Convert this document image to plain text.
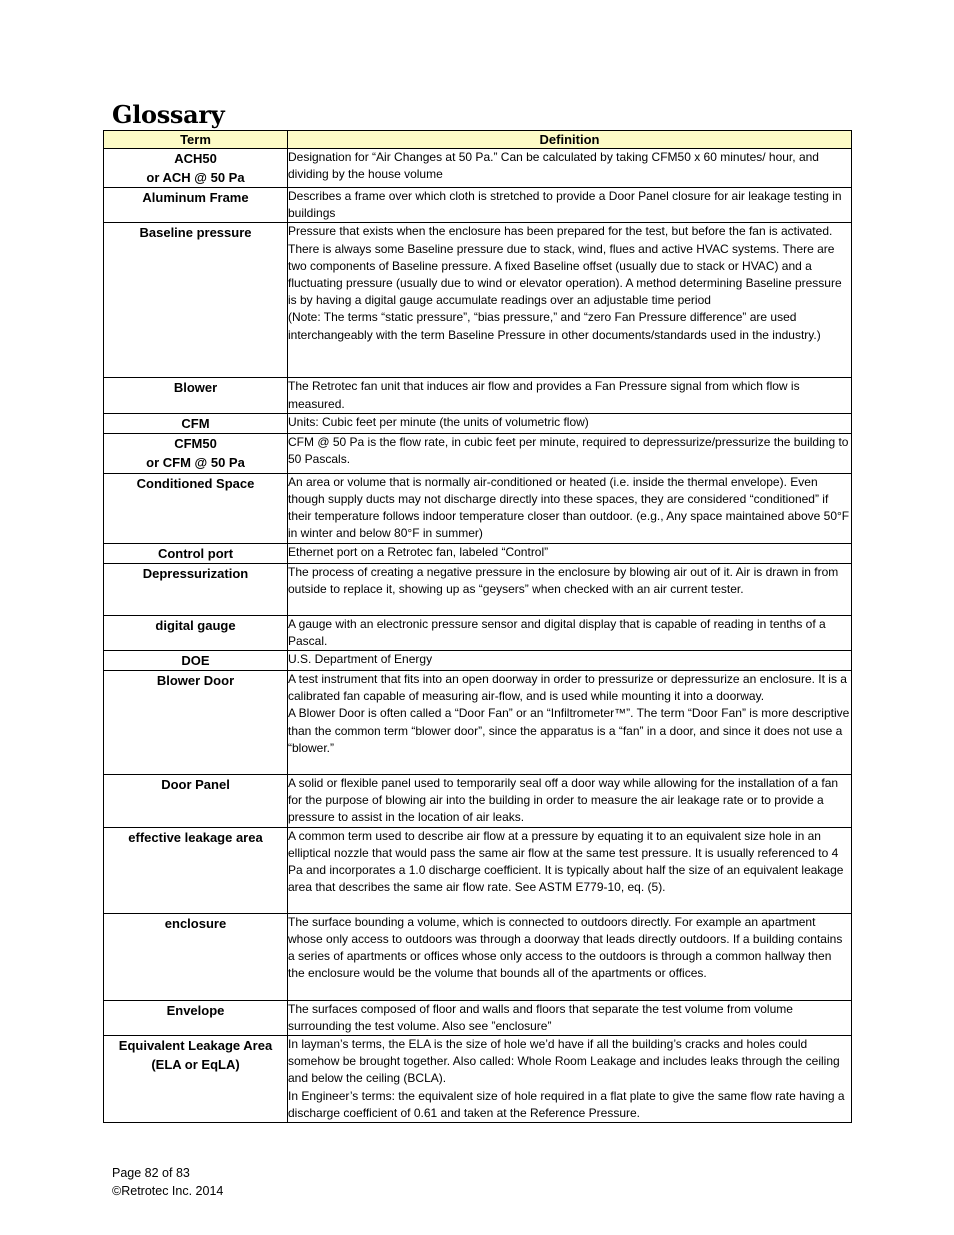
Glossary
Term	Definition

ACH50
or ACH @ 50 Pa	Designation for “Air Changes at 50 Pa.” Can be calculated by taking CFM50 x 60 minutes/ hour, and dividing by the house volume

Aluminum Frame	Describes a frame over which cloth is stretched to provide a Door Panel closure for air leakage testing in buildings

Baseline pressure	Pressure that exists when the enclosure has been prepared for the test, but before the fan is activated. There is always some Baseline pressure due to stack, wind, flues and active HVAC systems. There are two components of Baseline pressure. A fixed Baseline offset (usually due to stack or HVAC) and a fluctuating pressure (usually due to wind or elevator operation). A method determining Baseline pressure is by having a digital gauge accumulate readings over an adjustable time period
(Note: The terms “static pressure”, “bias pressure,” and “zero Fan Pressure difference” are used interchangeably with the term Baseline Pressure in other documents/standards used in the industry.)

Blower	The Retrotec fan unit that induces air flow and provides a Fan Pressure signal from which flow is measured.

CFM	Units: Cubic feet per minute (the units of volumetric flow)

CFM50
or CFM @ 50 Pa	CFM @ 50 Pa is the flow rate, in cubic feet per minute, required to depressurize/pressurize the building to 50 Pascals.

Conditioned Space	An area or volume that is normally air-conditioned or heated (i.e. inside the thermal envelope). Even though supply ducts may not discharge directly into these spaces, they are considered “conditioned” if their temperature follows indoor temperature closer than outdoor. (e.g., Any space maintained above 50°F in winter and below 80°F in summer)

Control port	Ethernet port on a Retrotec fan, labeled “Control”

Depressurization	The process of creating a negative pressure in the enclosure by blowing air out of it. Air is drawn in from outside to replace it, showing up as “geysers” when checked with an air current tester.

digital gauge	A gauge with an electronic pressure sensor and digital display that is capable of reading in tenths of a Pascal.

DOE	U.S. Department of Energy

Blower Door	A test instrument that fits into an open doorway in order to pressurize or depressurize an enclosure. It is a calibrated fan capable of measuring air-flow, and is used while mounting it into a doorway.
A Blower Door is often called a “Door Fan” or an “Infiltrometer™”. The term “Door Fan” is more descriptive than the common term “blower door”, since the apparatus is a “fan” in a door, and since it does not use a “blower.”

Door Panel	A solid or flexible panel used to temporarily seal off a door way while allowing for the installation of a fan for the purpose of blowing air into the building in order to measure the air leakage rate or to provide a pressure to assist in the location of air leaks.

effective leakage area	A common term used to describe air flow at a pressure by equating it to an equivalent size hole in an elliptical nozzle that would pass the same air flow at the same test pressure. It is usually referenced to 4 Pa and incorporates a 1.0 discharge coefficient. It is typically about half the size of an equivalent leakage area that describes the same air flow rate. See ASTM E779-10, eq. (5).

enclosure	The surface bounding a volume, which is connected to outdoors directly. For example an apartment whose only access to outdoors was through a doorway that leads directly outdoors. If a building contains a series of apartments or offices whose only access to the outdoors is through a common hallway then the enclosure would be the volume that bounds all of the apartments or offices.

Envelope	The surfaces composed of floor and walls and floors that separate the test volume from volume surrounding the test volume. Also see ”enclosure”

Equivalent Leakage Area
(ELA or EqLA)	In layman’s terms, the ELA is the size of hole we’d have if all the building’s cracks and holes could somehow be brought together. Also called: Whole Room Leakage and includes leaks through the ceiling and below the ceiling (BCLA).
In Engineer’s terms: the equivalent size of hole required in a flat plate to give the same flow rate having a discharge coefficient of 0.61 and taken at the Reference Pressure.
Page 82 of 83
©Retrotec Inc. 2014
